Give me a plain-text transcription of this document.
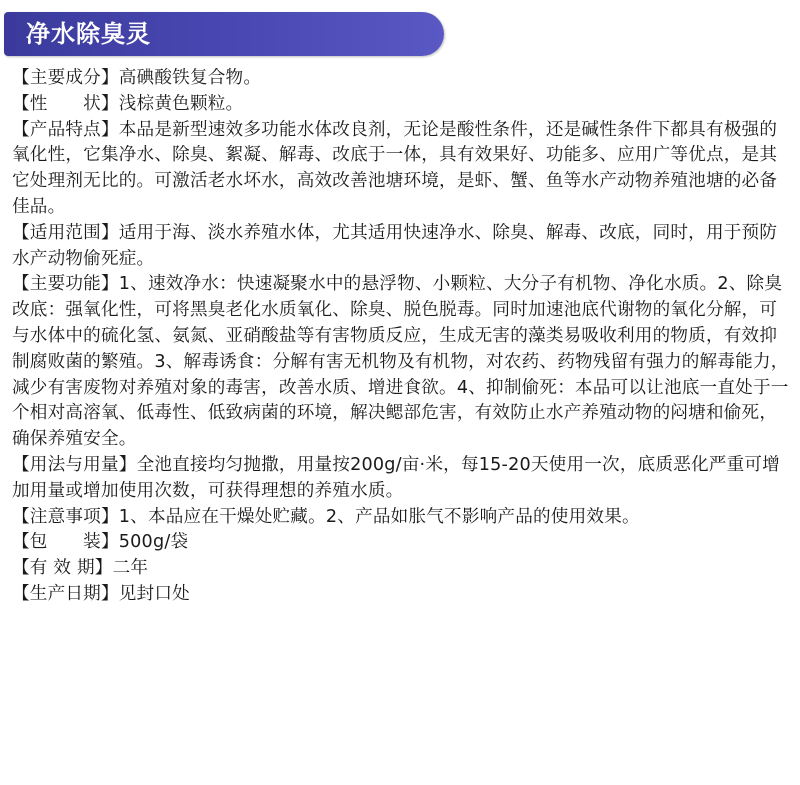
净水除臭灵

【主要成分】高碘酸铁复合物。

【性　　状】浅棕黄色颗粒。

【产品特点】本品是新型速效多功能水体改良剂，无论是酸性条件，还是碱性条件下都具有极强的氧化性，它集净水、除臭、絮凝、解毒、改底于一体，具有效果好、功能多、应用广等优点，是其它处理剂无比的。可激活老水坏水，高效改善池塘环境，是虾、蟹、鱼等水产动物养殖池塘的必备佳品。

【适用范围】适用于海、淡水养殖水体，尤其适用快速净水、除臭、解毒、改底，同时，用于预防水产动物偷死症。

【主要功能】1、速效净水：快速凝聚水中的悬浮物、小颗粒、大分子有机物、净化水质。2、除臭改底：强氧化性，可将黑臭老化水质氧化、除臭、脱色脱毒。同时加速池底代谢物的氧化分解，可与水体中的硫化氢、氨氮、亚硝酸盐等有害物质反应，生成无害的藻类易吸收利用的物质，有效抑制腐败菌的繁殖。3、解毒诱食：分解有害无机物及有机物，对农药、药物残留有强力的解毒能力，减少有害废物对养殖对象的毒害，改善水质、增进食欲。4、抑制偷死：本品可以让池底一直处于一个相对高溶氧、低毒性、低致病菌的环境，解决鳃部危害，有效防止水产养殖动物的闷塘和偷死，确保养殖安全。

【用法与用量】全池直接均匀抛撒，用量按200g/亩·米，每15-20天使用一次，底质恶化严重可增加用量或增加使用次数，可获得理想的养殖水质。

【注意事项】1、本品应在干燥处贮藏。2、产品如胀气不影响产品的使用效果。

【包　　装】500g/袋

【有 效 期】二年

【生产日期】见封口处
